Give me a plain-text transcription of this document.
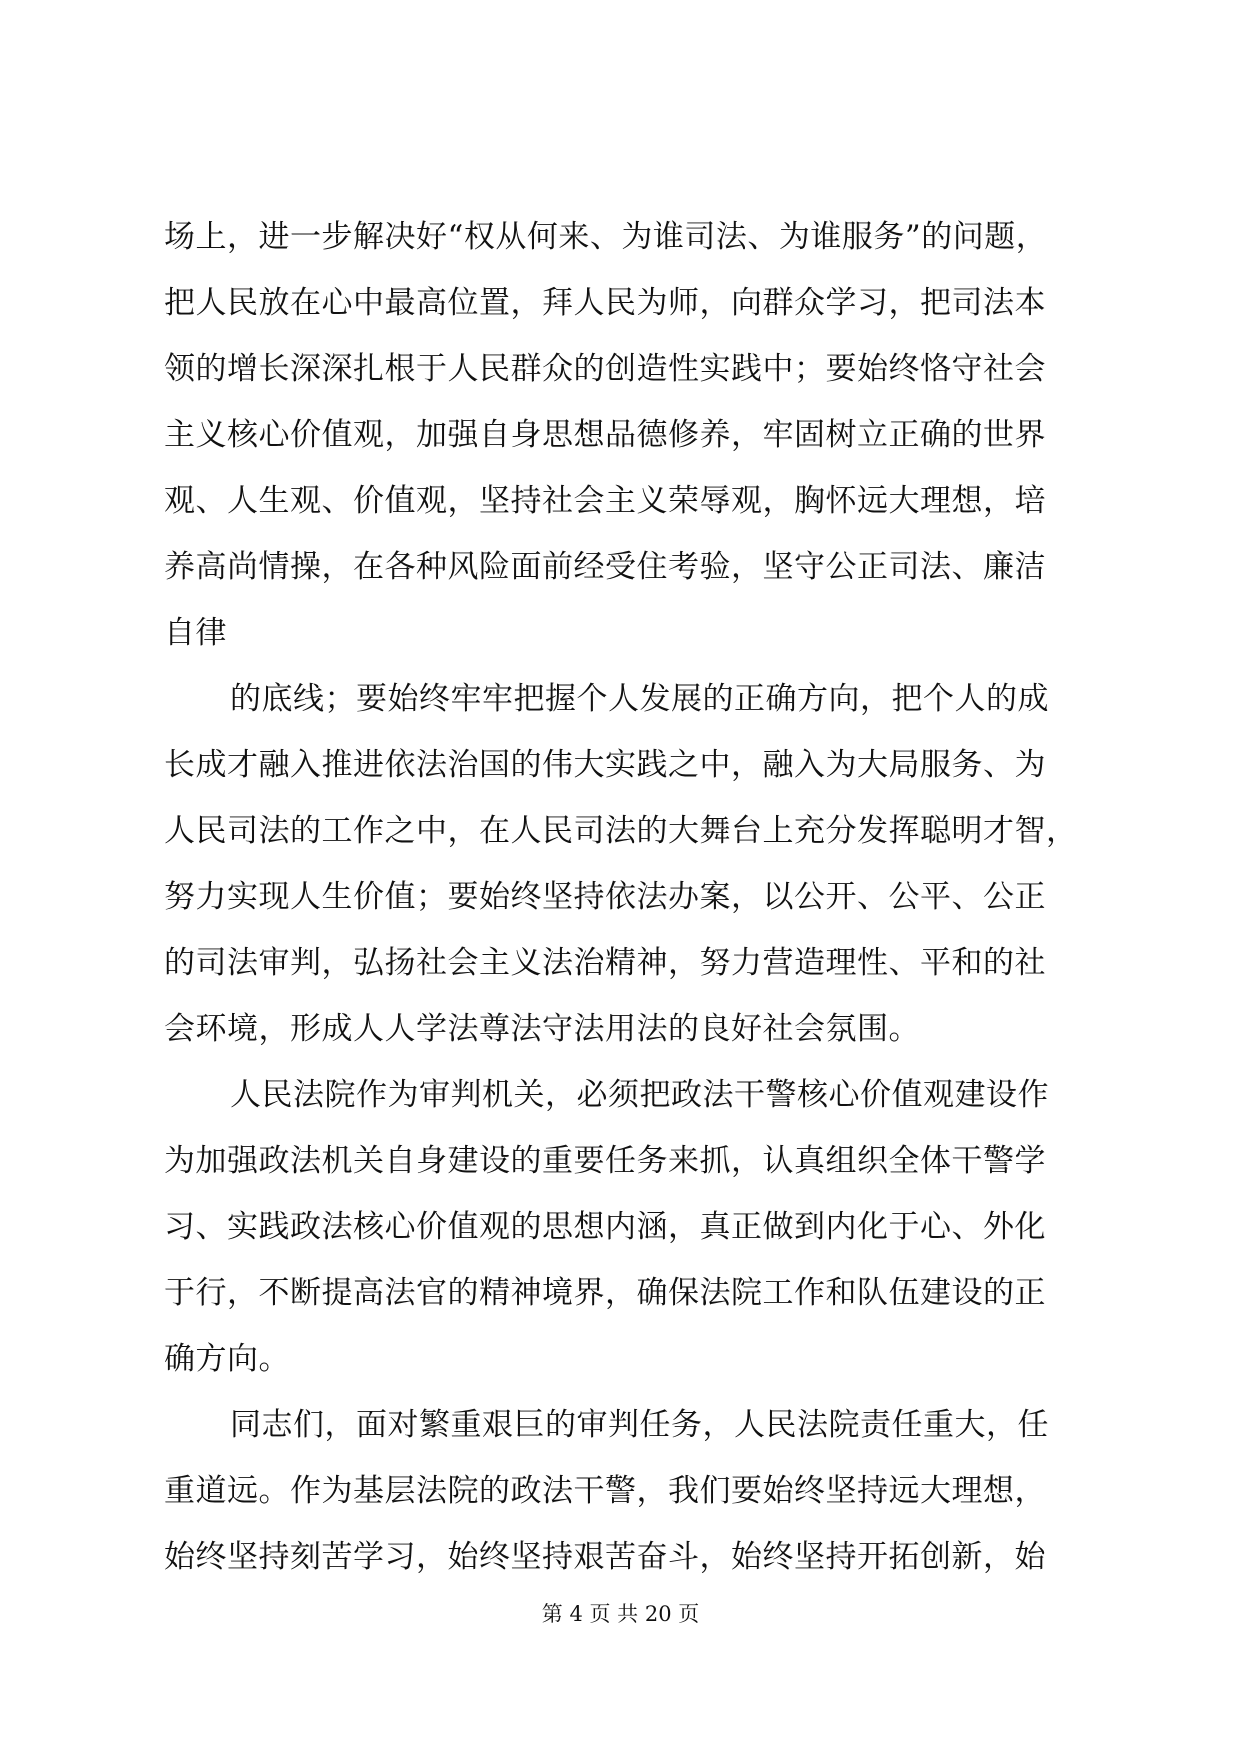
场上，进一步解决好“权从何来、为谁司法、为谁服务”的问题，
把人民放在心中最高位置，拜人民为师，向群众学习，把司法本
领的增长深深扎根于人民群众的创造性实践中；要始终恪守社会
主义核心价值观，加强自身思想品德修养，牢固树立正确的世界
观、人生观、价值观，坚持社会主义荣辱观，胸怀远大理想，培
养高尚情操，在各种风险面前经受住考验，坚守公正司法、廉洁
自律
的底线；要始终牢牢把握个人发展的正确方向，把个人的成
长成才融入推进依法治国的伟大实践之中，融入为大局服务、为
人民司法的工作之中，在人民司法的大舞台上充分发挥聪明才智，
努力实现人生价值；要始终坚持依法办案，以公开、公平、公正
的司法审判，弘扬社会主义法治精神，努力营造理性、平和的社
会环境，形成人人学法尊法守法用法的良好社会氛围。
人民法院作为审判机关，必须把政法干警核心价值观建设作
为加强政法机关自身建设的重要任务来抓，认真组织全体干警学
习、实践政法核心价值观的思想内涵，真正做到内化于心、外化
于行，不断提高法官的精神境界，确保法院工作和队伍建设的正
确方向。
同志们，面对繁重艰巨的审判任务，人民法院责任重大，任
重道远。作为基层法院的政法干警，我们要始终坚持远大理想，
始终坚持刻苦学习，始终坚持艰苦奋斗，始终坚持开拓创新，始
第 4 页 共 20 页
